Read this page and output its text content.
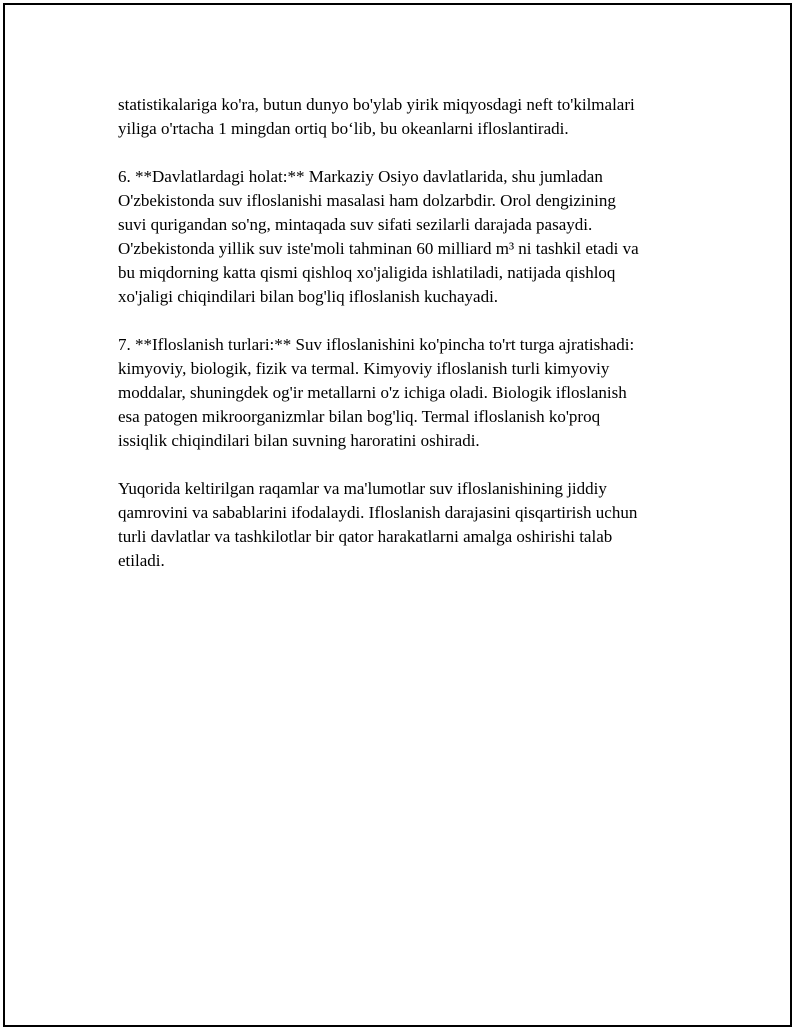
statistikalariga ko'ra, butun dunyo bo'ylab yirik miqyosdagi neft to'kilmalari
yiliga o'rtacha 1 mingdan ortiq bo‘lib, bu okeanlarni ifloslantiradi.

6. **Davlatlardagi holat:** Markaziy Osiyo davlatlarida, shu jumladan
O'zbekistonda suv ifloslanishi masalasi ham dolzarbdir. Orol dengizining
suvi qurigandan so'ng, mintaqada suv sifati sezilarli darajada pasaydi.
O'zbekistonda yillik suv iste'moli tahminan 60 milliard m³ ni tashkil etadi va
bu miqdorning katta qismi qishloq xo'jaligida ishlatiladi, natijada qishloq
xo'jaligi chiqindilari bilan bog'liq ifloslanish kuchayadi.

7. **Ifloslanish turlari:** Suv ifloslanishini ko'pincha to'rt turga ajratishadi:
kimyoviy, biologik, fizik va termal. Kimyoviy ifloslanish turli kimyoviy
moddalar, shuningdek og'ir metallarni o'z ichiga oladi. Biologik ifloslanish
esa patogen mikroorganizmlar bilan bog'liq. Termal ifloslanish ko'proq
issiqlik chiqindilari bilan suvning haroratini oshiradi.

Yuqorida keltirilgan raqamlar va ma'lumotlar suv ifloslanishining jiddiy
qamrovini va sabablarini ifodalaydi. Ifloslanish darajasini qisqartirish uchun
turli davlatlar va tashkilotlar bir qator harakatlarni amalga oshirishi talab
etiladi.
